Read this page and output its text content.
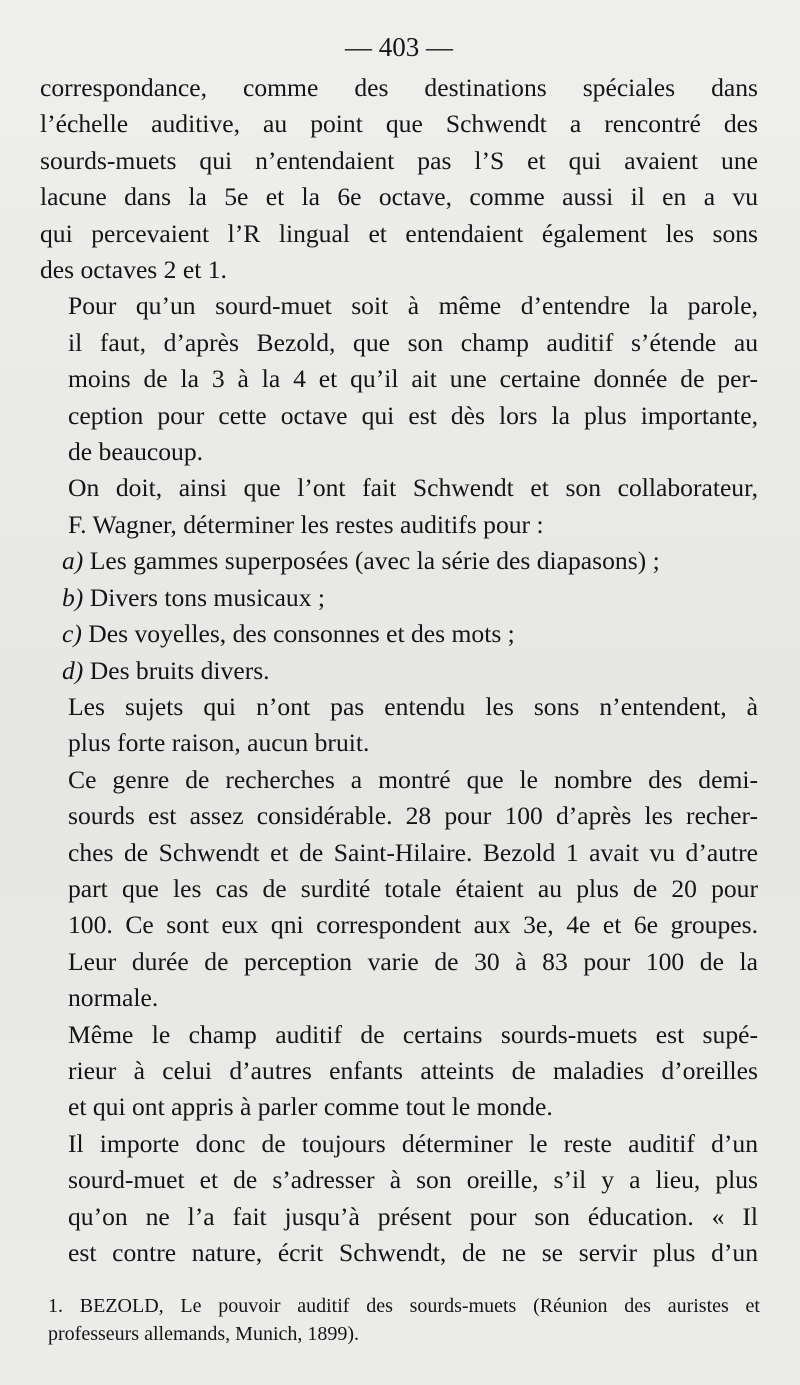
— 403 —

correspondance, comme des destinations spéciales dans
l’échelle auditive, au point que Schwendt a rencontré des
sourds-muets qui n’entendaient pas l’S et qui avaient une
lacune dans la 5e et la 6e octave, comme aussi il en a vu
qui percevaient l’R lingual et entendaient également les sons
des octaves 2 et 1.

Pour qu’un sourd-muet soit à même d’entendre la parole,
il faut, d’après Bezold, que son champ auditif s’étende au
moins de la 3 à la 4 et qu’il ait une certaine donnée de per-
ception pour cette octave qui est dès lors la plus importante,
de beaucoup.

On doit, ainsi que l’ont fait Schwendt et son collaborateur,
F. Wagner, déterminer les restes auditifs pour :

a) Les gammes superposées (avec la série des diapasons) ;
b) Divers tons musicaux ;
c) Des voyelles, des consonnes et des mots ;
d) Des bruits divers.

Les sujets qui n’ont pas entendu les sons n’entendent, à
plus forte raison, aucun bruit.

Ce genre de recherches a montré que le nombre des demi-
sourds est assez considérable. 28 pour 100 d’après les recher-
ches de Schwendt et de Saint-Hilaire. Bezold 1 avait vu d’autre
part que les cas de surdité totale étaient au plus de 20 pour
100. Ce sont eux qni correspondent aux 3e, 4e et 6e groupes.
Leur durée de perception varie de 30 à 83 pour 100 de la
normale.

Même le champ auditif de certains sourds-muets est supé-
rieur à celui d’autres enfants atteints de maladies d’oreilles
et qui ont appris à parler comme tout le monde.

Il importe donc de toujours déterminer le reste auditif d’un
sourd-muet et de s’adresser à son oreille, s’il y a lieu, plus
qu’on ne l’a fait jusqu’à présent pour son éducation. « Il
est contre nature, écrit Schwendt, de ne se servir plus d’un

1. BEZOLD, Le pouvoir auditif des sourds-muets (Réunion des auristes et
professeurs allemands, Munich, 1899).
